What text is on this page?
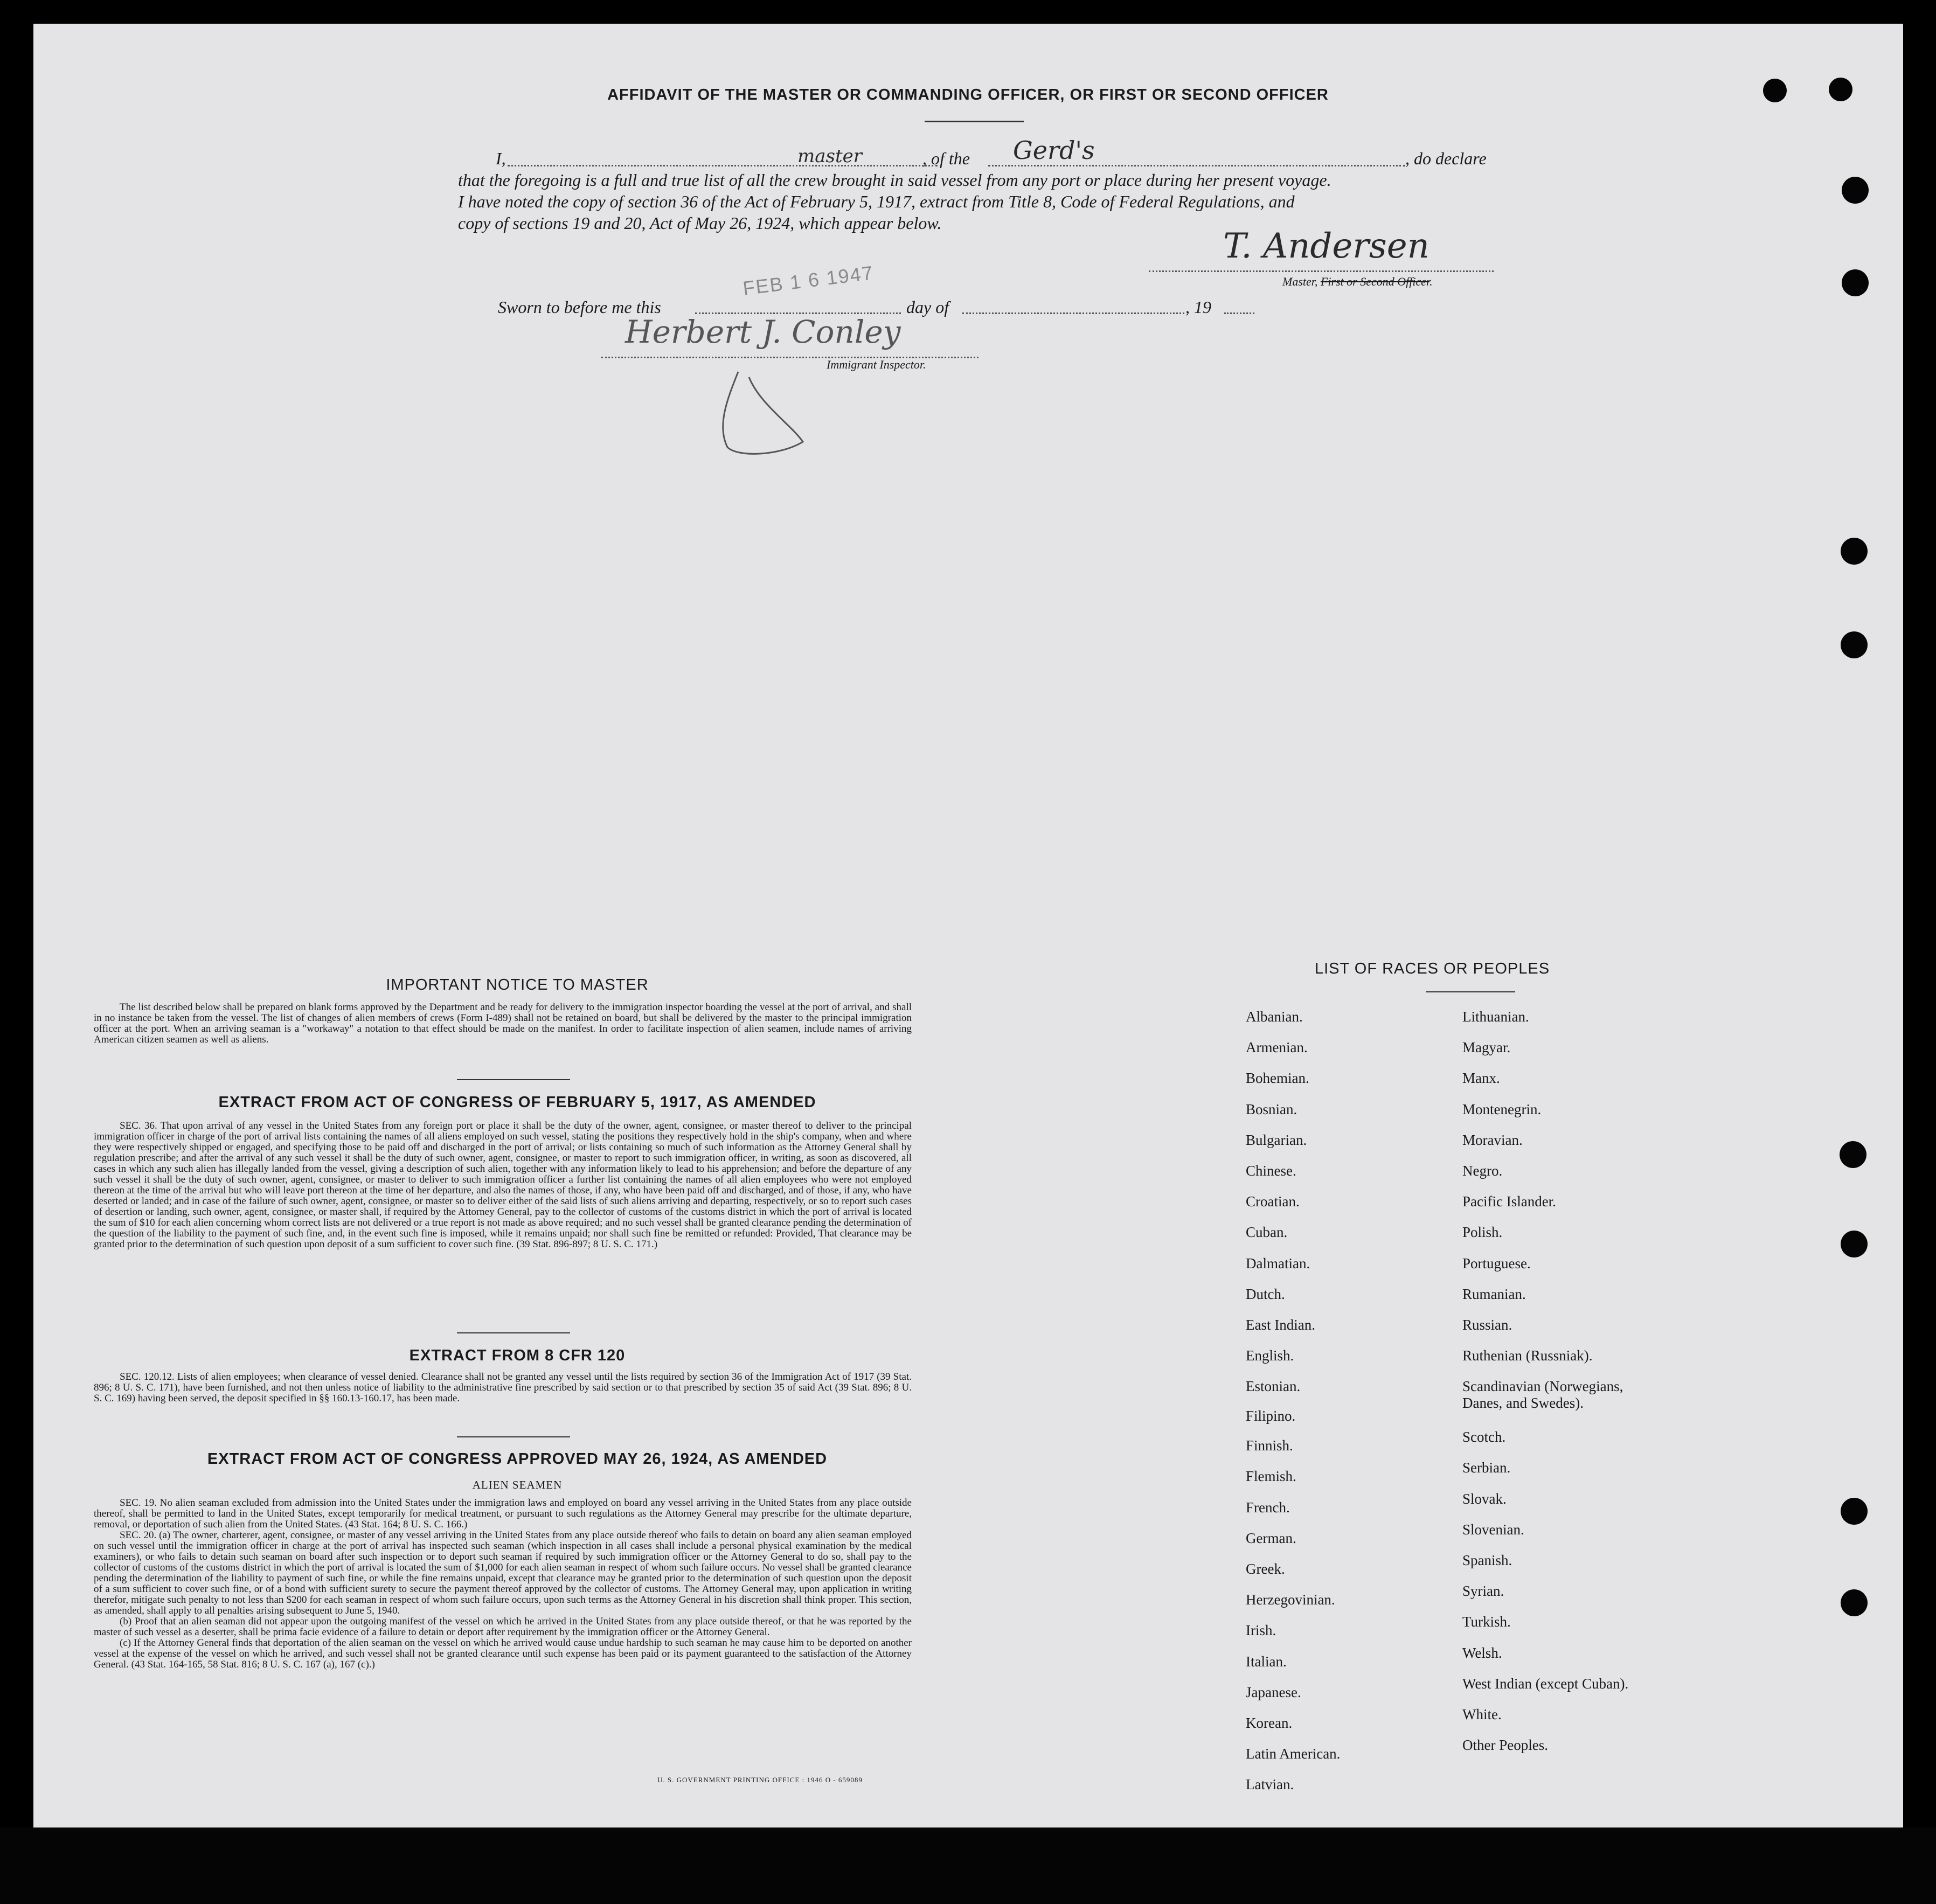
AFFIDAVIT OF THE MASTER OR COMMANDING OFFICER, OR FIRST OR SECOND OFFICER
I,	master	, of the Gerd's	, do declare
that the foregoing is a full and true list of all the crew brought in said vessel from any port or place during her present voyage.
I have noted the copy of section 36 of the Act of February 5, 1917, extract from Title 8, Code of Federal Regulations, and
copy of sections 19 and 20, Act of May 26, 1924, which appear below.
T. Andersen
Master, First or Second Officer.
Sworn to before me this
FEB 1 6 1947
day of	, 19
Herbert J. Conley
Immigrant Inspector.
IMPORTANT NOTICE TO MASTER

The list described below shall be prepared on blank forms approved by the Department and be ready for delivery to the immigration inspector boarding the vessel at the port of arrival, and shall in no instance be taken from the vessel. The list of changes of alien members of crews (Form I-489) shall not be retained on board, but shall be delivered by the master to the principal immigration officer at the port. When an arriving seaman is a "workaway" a notation to that effect should be made on the manifest. In order to facilitate inspection of alien seamen, include names of arriving American citizen seamen as well as aliens.

EXTRACT FROM ACT OF CONGRESS OF FEBRUARY 5, 1917, AS AMENDED

SEC. 36. That upon arrival of any vessel in the United States from any foreign port or place it shall be the duty of the owner, agent, consignee, or master thereof to deliver to the principal immigration officer in charge of the port of arrival lists containing the names of all aliens employed on such vessel, stating the positions they respectively hold in the ship's company, when and where they were respectively shipped or engaged, and specifying those to be paid off and discharged in the port of arrival; or lists containing so much of such information as the Attorney General shall by regulation prescribe; and after the arrival of any such vessel it shall be the duty of such owner, agent, consignee, or master to report to such immigration officer, in writing, as soon as discovered, all cases in which any such alien has illegally landed from the vessel, giving a description of such alien, together with any information likely to lead to his apprehension; and before the departure of any such vessel it shall be the duty of such owner, agent, consignee, or master to deliver to such immigration officer a further list containing the names of all alien employees who were not employed thereon at the time of the arrival but who will leave port thereon at the time of her departure, and also the names of those, if any, who have been paid off and discharged, and of those, if any, who have deserted or landed; and in case of the failure of such owner, agent, consignee, or master so to deliver either of the said lists of such aliens arriving and departing, respectively, or so to report such cases of desertion or landing, such owner, agent, consignee, or master shall, if required by the Attorney General, pay to the collector of customs of the customs district in which the port of arrival is located the sum of $10 for each alien concerning whom correct lists are not delivered or a true report is not made as above required; and no such vessel shall be granted clearance pending the determination of the question of the liability to the payment of such fine, and, in the event such fine is imposed, while it remains unpaid; nor shall such fine be remitted or refunded: Provided, That clearance may be granted prior to the determination of such question upon deposit of a sum sufficient to cover such fine. (39 Stat. 896-897; 8 U. S. C. 171.)

EXTRACT FROM 8 CFR 120

SEC. 120.12. Lists of alien employees; when clearance of vessel denied. Clearance shall not be granted any vessel until the lists required by section 36 of the Immigration Act of 1917 (39 Stat. 896; 8 U. S. C. 171), have been furnished, and not then unless notice of liability to the administrative fine prescribed by said section or to that prescribed by section 35 of said Act (39 Stat. 896; 8 U. S. C. 169) having been served, the deposit specified in §§ 160.13-160.17, has been made.

EXTRACT FROM ACT OF CONGRESS APPROVED MAY 26, 1924, AS AMENDED
ALIEN SEAMEN

SEC. 19. No alien seaman excluded from admission into the United States under the immigration laws and employed on board any vessel arriving in the United States from any place outside thereof, shall be permitted to land in the United States, except temporarily for medical treatment, or pursuant to such regulations as the Attorney General may prescribe for the ultimate departure, removal, or deportation of such alien from the United States. (43 Stat. 164; 8 U. S. C. 166.)

SEC. 20. (a) The owner, charterer, agent, consignee, or master of any vessel arriving in the United States from any place outside thereof who fails to detain on board any alien seaman employed on such vessel until the immigration officer in charge at the port of arrival has inspected such seaman (which inspection in all cases shall include a personal physical examination by the medical examiners), or who fails to detain such seaman on board after such inspection or to deport such seaman if required by such immigration officer or the Attorney General to do so, shall pay to the collector of customs of the customs district in which the port of arrival is located the sum of $1,000 for each alien seaman in respect of whom such failure occurs. No vessel shall be granted clearance pending the determination of the liability to payment of such fine, or while the fine remains unpaid, except that clearance may be granted prior to the determination of such question upon the deposit of a sum sufficient to cover such fine, or of a bond with sufficient surety to secure the payment thereof approved by the collector of customs. The Attorney General may, upon application in writing therefor, mitigate such penalty to not less than $200 for each seaman in respect of whom such failure occurs, upon such terms as the Attorney General in his discretion shall think proper. This section, as amended, shall apply to all penalties arising subsequent to June 5, 1940.

(b) Proof that an alien seaman did not appear upon the outgoing manifest of the vessel on which he arrived in the United States from any place outside thereof, or that he was reported by the master of such vessel as a deserter, shall be prima facie evidence of a failure to detain or deport after requirement by the immigration officer or the Attorney General.

(c) If the Attorney General finds that deportation of the alien seaman on the vessel on which he arrived would cause undue hardship to such seaman he may cause him to be deported on another vessel at the expense of the vessel on which he arrived, and such vessel shall not be granted clearance until such expense has been paid or its payment guaranteed to the satisfaction of the Attorney General. (43 Stat. 164-165, 58 Stat. 816; 8 U. S. C. 167 (a), 167 (c).)

U. S. GOVERNMENT PRINTING OFFICE : 1946 O - 659089
LIST OF RACES OR PEOPLES
Albanian.
Armenian.
Bohemian.
Bosnian.
Bulgarian.
Chinese.
Croatian.
Cuban.
Dalmatian.
Dutch.
East Indian.
English.
Estonian.
Filipino.
Finnish.
Flemish.
French.
German.
Greek.
Herzegovinian.
Irish.
Italian.
Japanese.
Korean.
Latin American.
Latvian.
Lithuanian.
Magyar.
Manx.
Montenegrin.
Moravian.
Negro.
Pacific Islander.
Polish.
Portuguese.
Rumanian.
Russian.
Ruthenian (Russniak).
Scandinavian (Norwegians,
Danes, and Swedes).
Scotch.
Serbian.
Slovak.
Slovenian.
Spanish.
Syrian.
Turkish.
Welsh.
West Indian (except Cuban).
White.
Other Peoples.
